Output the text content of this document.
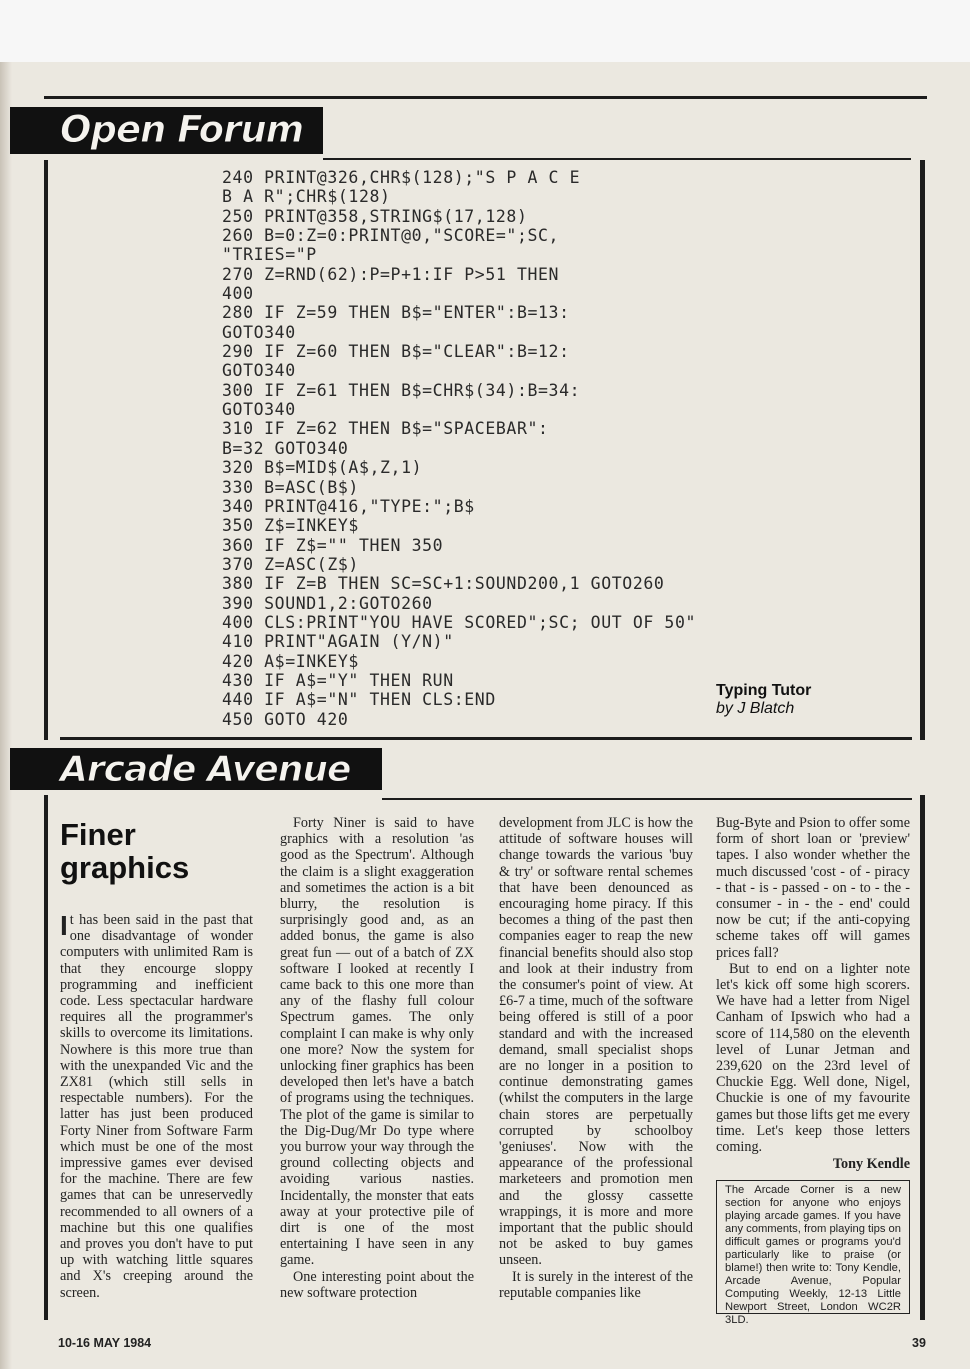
Open Forum
240 PRINT@326,CHR$(128);"S P A C E
B A R";CHR$(128)
250 PRINT@358,STRING$(17,128)
260 B=0:Z=0:PRINT@0,"SCORE=";SC,
"TRIES="P
270 Z=RND(62):P=P+1:IF P>51 THEN
400
280 IF Z=59 THEN B$="ENTER":B=13:
GOTO340
290 IF Z=60 THEN B$="CLEAR":B=12:
GOTO340
300 IF Z=61 THEN B$=CHR$(34):B=34:
GOTO340
310 IF Z=62 THEN B$="SPACEBAR":
B=32 GOTO340
320 B$=MID$(A$,Z,1)
330 B=ASC(B$)
340 PRINT@416,"TYPE:";B$
350 Z$=INKEY$
360 IF Z$="" THEN 350
370 Z=ASC(Z$)
380 IF Z=B THEN SC=SC+1:SOUND200,1 GOTO260
390 SOUND1,2:GOTO260
400 CLS:PRINT"YOU HAVE SCORED";SC; OUT OF 50"
410 PRINT"AGAIN (Y/N)"
420 A$=INKEY$
430 IF A$="Y" THEN RUN
440 IF A$="N" THEN CLS:END
450 GOTO 420
Typing Tutor
by J Blatch
Arcade Avenue
Finer graphics

It has been said in the past that one disadvantage of wonder computers with unlimited Ram is that they encourge sloppy programming and inefficient code. Less spectacular hardware requires all the programmer's skills to overcome its limitations. Nowhere is this more true than with the unexpanded Vic and the ZX81 (which still sells in respectable numbers). For the latter has just been produced Forty Niner from Software Farm which must be one of the most impressive games ever devised for the machine. There are few games that can be unreservedly recommended to all owners of a machine but this one qualifies and proves you don't have to put up with watching little squares and X's creeping around the screen.

Forty Niner is said to have graphics with a resolution 'as good as the Spectrum'. Although the claim is a slight exaggeration and sometimes the action is a bit blurry, the resolution is surprisingly good and, as an added bonus, the game is also great fun — out of a batch of ZX software I looked at recently I came back to this one more than any of the flashy full colour Spectrum games. The only complaint I can make is why only one more? Now the system for unlocking finer graphics has been developed then let's have a batch of programs using the techniques. The plot of the game is similar to the Dig-Dug/Mr Do type where you burrow your way through the ground collecting objects and avoiding various nasties. Incidentally, the monster that eats away at your protective pile of dirt is one of the most entertaining I have seen in any game.

One interesting point about the new software protection

development from JLC is how the attitude of software houses will change towards the various 'buy & try' or software rental schemes that have been denounced as encouraging home piracy. If this becomes a thing of the past then companies eager to reap the new financial benefits should also stop and look at their industry from the consumer's point of view. At £6-7 a time, much of the software being offered is still of a poor standard and with the increased demand, small specialist shops are no longer in a position to continue demonstrating games (whilst the computers in the large chain stores are perpetually corrupted by schoolboy 'geniuses'. Now with the appearance of the professional marketeers and promotion men and the glossy cassette wrappings, it is more and more important that the public should not be asked to buy games unseen.

It is surely in the interest of the reputable companies like

Bug-Byte and Psion to offer some form of short loan or 'preview' tapes. I also wonder whether the much discussed 'cost - of - piracy - that - is - passed - on - to - the - consumer - in - the - end' could now be cut; if the anti-copying scheme takes off will games prices fall?

But to end on a lighter note let's kick off some high scorers. We have had a letter from Nigel Canham of Ipswich who had a score of 114,580 on the eleventh level of Lunar Jetman and 239,620 on the 23rd level of Chuckie Egg. Well done, Nigel, Chuckie is one of my favourite games but those lifts get me every time. Let's keep those letters coming.

Tony Kendle
The Arcade Corner is a new section for anyone who enjoys playing arcade games. If you have any comments, from playing tips on difficult games or programs you'd particularly like to praise (or blame!) then write to: Tony Kendle, Arcade Avenue, Popular Computing Weekly, 12-13 Little Newport Street, London WC2R 3LD.
10-16 MAY 1984	39
